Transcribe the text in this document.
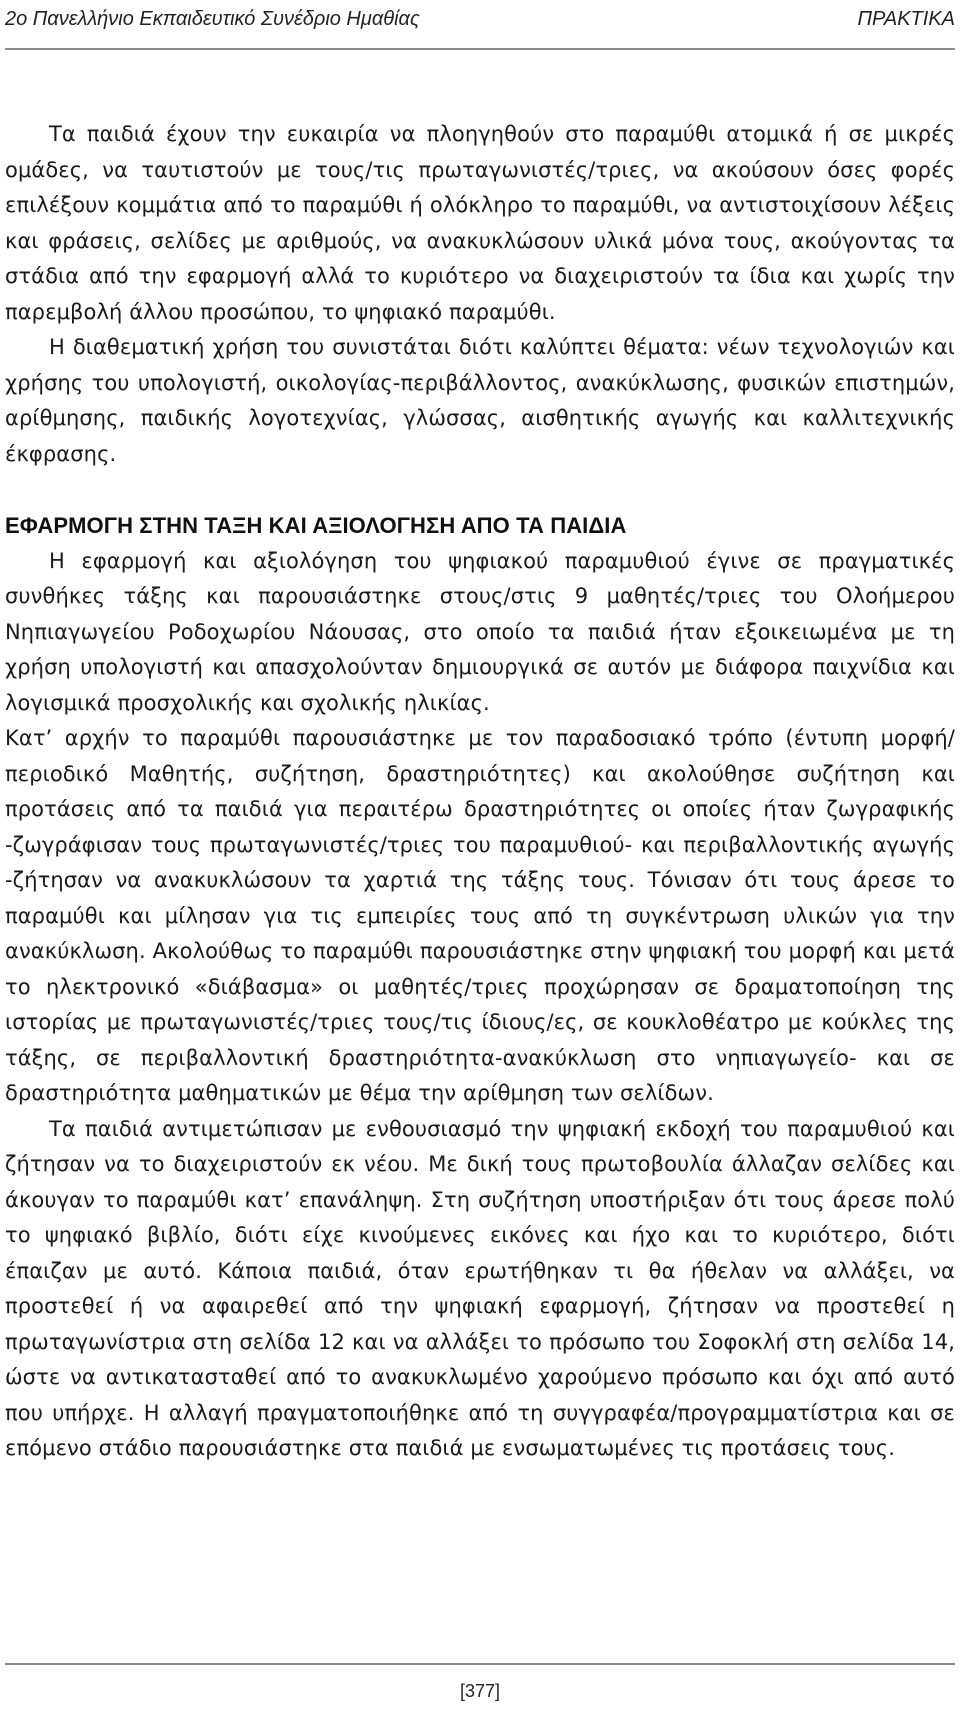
2ο Πανελλήνιο Εκπαιδευτικό Συνέδριο Ημαθίας	ΠΡΑΚΤΙΚΑ

Τα παιδιά έχουν την ευκαιρία να πλοηγηθούν στο παραμύθι ατομικά ή σε μικρές ομάδες, να ταυτιστούν με τους/τις πρωταγωνιστές/τριες, να ακούσουν όσες φορές επιλέξουν κομμάτια από το παραμύθι ή ολόκληρο το παραμύθι, να αντιστοιχίσουν λέξεις και φράσεις, σελίδες με αριθμούς, να ανακυκλώσουν υλικά μόνα τους, ακούγοντας τα στάδια από την εφαρμογή αλλά το κυριότερο να διαχειριστούν τα ίδια και χωρίς την παρεμβολή άλλου προσώπου, το ψηφιακό παραμύθι.

Η διαθεματική χρήση του συνιστάται διότι καλύπτει θέματα: νέων τεχνολογιών και χρήσης του υπολογιστή, οικολογίας-περιβάλλοντος, ανακύκλωσης, φυσικών επιστημών, αρίθμησης, παιδικής λογοτεχνίας, γλώσσας, αισθητικής αγωγής και καλλιτεχνικής έκφρασης.

ΕΦΑΡΜΟΓΗ ΣΤΗΝ ΤΑΞΗ ΚΑΙ ΑΞΙΟΛΟΓΗΣΗ ΑΠΟ ΤΑ ΠΑΙΔΙΑ

Η εφαρμογή και αξιολόγηση του ψηφιακού παραμυθιού έγινε σε πραγματικές συνθήκες τάξης και παρουσιάστηκε στους/στις 9 μαθητές/τριες του Ολοήμερου Νηπιαγωγείου Ροδοχωρίου Νάουσας, στο οποίο τα παιδιά ήταν εξοικειωμένα με τη χρήση υπολογιστή και απασχολούνταν δημιουργικά σε αυτόν με διάφορα παιχνίδια και λογισμικά προσχολικής και σχολικής ηλικίας.

Κατ’ αρχήν το παραμύθι παρουσιάστηκε με τον παραδοσιακό τρόπο (έντυπη μορφή/περιοδικό Μαθητής, συζήτηση, δραστηριότητες) και ακολούθησε συζήτηση και προτάσεις από τα παιδιά για περαιτέρω δραστηριότητες οι οποίες ήταν ζωγραφικής -ζωγράφισαν τους πρωταγωνιστές/τριες του παραμυθιού- και περιβαλλοντικής αγωγής -ζήτησαν να ανακυκλώσουν τα χαρτιά της τάξης τους. Τόνισαν ότι τους άρεσε το παραμύθι και μίλησαν για τις εμπειρίες τους από τη συγκέντρωση υλικών για την ανακύκλωση. Ακολούθως το παραμύθι παρουσιάστηκε στην ψηφιακή του μορφή και μετά το ηλεκτρονικό «διάβασμα» οι μαθητές/τριες προχώρησαν σε δραματοποίηση της ιστορίας με πρωταγωνιστές/τριες τους/τις ίδιους/ες, σε κουκλοθέατρο με κούκλες της τάξης, σε περιβαλλοντική δραστηριότητα-ανακύκλωση στο νηπιαγωγείο- και σε δραστηριότητα μαθηματικών με θέμα την αρίθμηση των σελίδων.

Τα παιδιά αντιμετώπισαν με ενθουσιασμό την ψηφιακή εκδοχή του παραμυθιού και ζήτησαν να το διαχειριστούν εκ νέου. Με δική τους πρωτοβουλία άλλαζαν σελίδες και άκουγαν το παραμύθι κατ’ επανάληψη. Στη συζήτηση υποστήριξαν ότι τους άρεσε πολύ το ψηφιακό βιβλίο, διότι είχε κινούμενες εικόνες και ήχο και το κυριότερο, διότι έπαιζαν με αυτό. Κάποια παιδιά, όταν ερωτήθηκαν τι θα ήθελαν να αλλάξει, να προστεθεί ή να αφαιρεθεί από την ψηφιακή εφαρμογή, ζήτησαν να προστεθεί η πρωταγωνίστρια στη σελίδα 12 και να αλλάξει το πρόσωπο του Σοφοκλή στη σελίδα 14, ώστε να αντικατασταθεί από το ανακυκλωμένο χαρούμενο πρόσωπο και όχι από αυτό που υπήρχε. Η αλλαγή πραγματοποιήθηκε από τη συγγραφέα/προγραμματίστρια και σε επόμενο στάδιο παρουσιάστηκε στα παιδιά με ενσωματωμένες τις προτάσεις τους.

[377]
